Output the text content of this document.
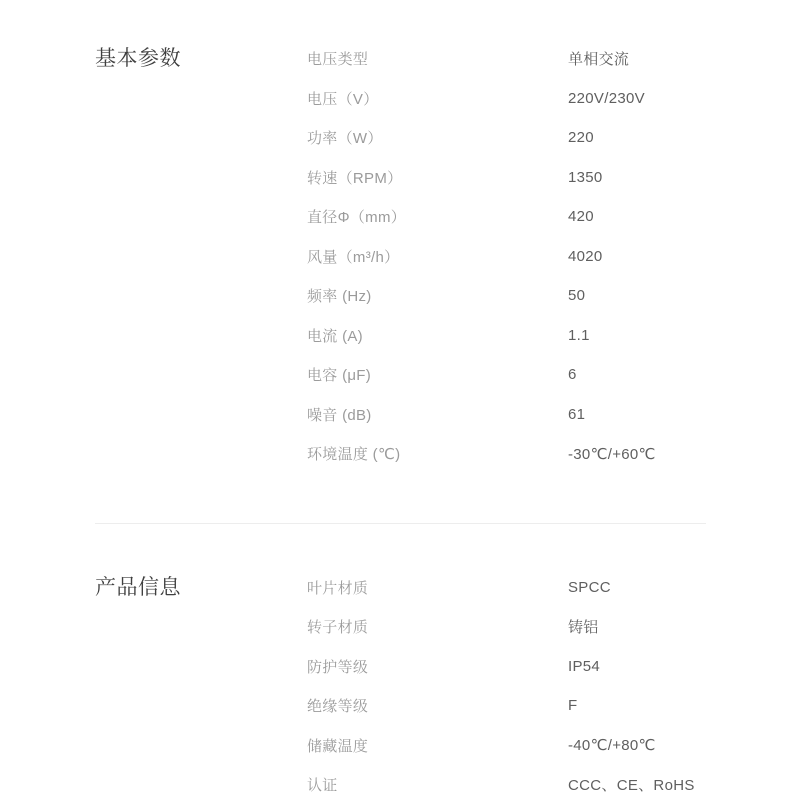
基本参数	电压类型	单相交流
电压（V）	220V/230V
功率（W）	220
转速（RPM）	1350
直径Φ（mm）	420
风量（m³/h）	4020
频率 (Hz)	50
电流 (A)	1.1
电容 (μF)	6
噪音 (dB)	61
环境温度 (℃)	-30℃/+60℃
产品信息	叶片材质	SPCC
转子材质	铸铝
防护等级	IP54
绝缘等级	F
储藏温度	-40℃/+80℃
认证	CCC、CE、RoHS
